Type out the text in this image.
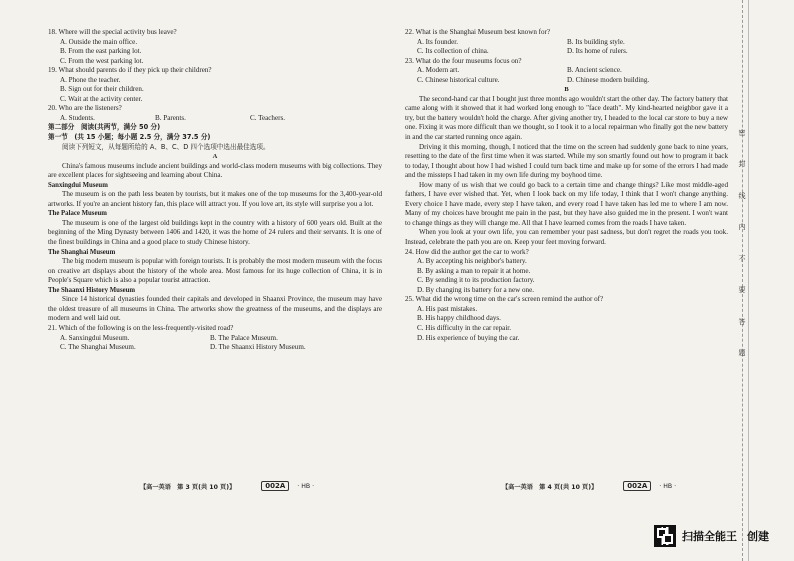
18. Where will the special activity bus leave?

A. Outside the main office.

B. From the east parking lot.

C. From the west parking lot.

19. What should parents do if they pick up their children?

A. Phone the teacher.

B. Sign out for their children.

C. Wait at the activity center.

20. Who are the listeners?

A. Students.	B. Parents.	C. Teachers.

第二部分　阅读(共两节，满分 50 分)

第一节　(共 15 小题；每小题 2.5 分，满分 37.5 分)

阅读下列短文，从每题所给的 A、B、C、D 四个选项中选出最佳选项。

A

China's famous museums include ancient buildings and world-class modern museums with big collections. They are excellent places for sightseeing and learning about China.

Sanxingdui Museum

The museum is on the path less beaten by tourists, but it makes one of the top museums for the 3,400-year-old artworks. If you're an ancient history fan, this place will attract you. If you love art, its style will surprise you a lot.

The Palace Museum

The museum is one of the largest old buildings kept in the country with a history of 600 years old. Built at the beginning of the Ming Dynasty between 1406 and 1420, it was the home of 24 rulers and their servants. It is one of the finest buildings in China and a good place to study Chinese history.

The Shanghai Museum

The big modern museum is popular with foreign tourists. It is probably the most modern museum with the focus on creative art displays about the history of the whole area. Most famous for its huge collection of China, it is in People's Square which is also a popular tourist attraction.

The Shaanxi History Museum

Since 14 historical dynasties founded their capitals and developed in Shaanxi Province, the museum may have the oldest treasure of all museums in China. The artworks show the greatness of the museums, and the displays are modern and well laid out.

21. Which of the following is on the less-frequently-visited road?

A. Sanxingdui Museum.	B. The Palace Museum.
C. The Shanghai Museum.	D. The Shaanxi History Museum.
【高一英语　第 3 页(共 10 页)】	002A	· HB ·

22. What is the Shanghai Museum best known for?

A. Its founder.	B. Its building style.
C. Its collection of china.	D. Its home of rulers.

23. What do the four museums focus on?

A. Modern art.	B. Ancient science.
C. Chinese historical culture.	D. Chinese modern building.

B

The second-hand car that I bought just three months ago wouldn't start the other day. The factory battery that came along with it showed that it had worked long enough to "face death". My kind-hearted neighbor gave it a try, but the battery wouldn't hold the charge. After giving another try, I headed to the local car store to buy a new one. Fixing it was more difficult than we thought, so I took it to a local repairman who finally got the new battery in and the car started running once again.

Driving it this morning, though, I noticed that the time on the screen had suddenly gone back to nine years, resetting to the date of the first time when it was started. While my son smartly found out how to program it back to today, I thought about how I had wished I could turn back time and make up for some of the errors I had made and the missteps I had taken in my own life during my boyhood time.

How many of us wish that we could go back to a certain time and change things? Like most middle-aged fathers, I have ever wished that. Yet, when I look back on my life today, I think that I won't change anything. Every choice I have made, every step I have taken, and every road I have taken has led me to where I am now. Many of my choices have brought me pain in the past, but they have also guided me in the present. I won't want to change things as they will change me. All that I have learned comes from the roads I have taken.

When you look at your own life, you can remember your past sadness, but don't regret the roads you took. Instead, celebrate the path you are on. Keep your feet moving forward.

24. How did the author get the car to work?

A. By accepting his neighbor's battery.

B. By asking a man to repair it at home.

C. By sending it to its production factory.

D. By changing its battery for a new one.

25. What did the wrong time on the car's screen remind the author of?

A. His past mistakes.

B. His happy childhood days.

C. His difficulty in the car repair.

D. His experience of buying the car.

【高一英语　第 4 页(共 10 页)】	002A	· HB ·
密
封
线
内
不
要
答
题
扫描全能王 创建
